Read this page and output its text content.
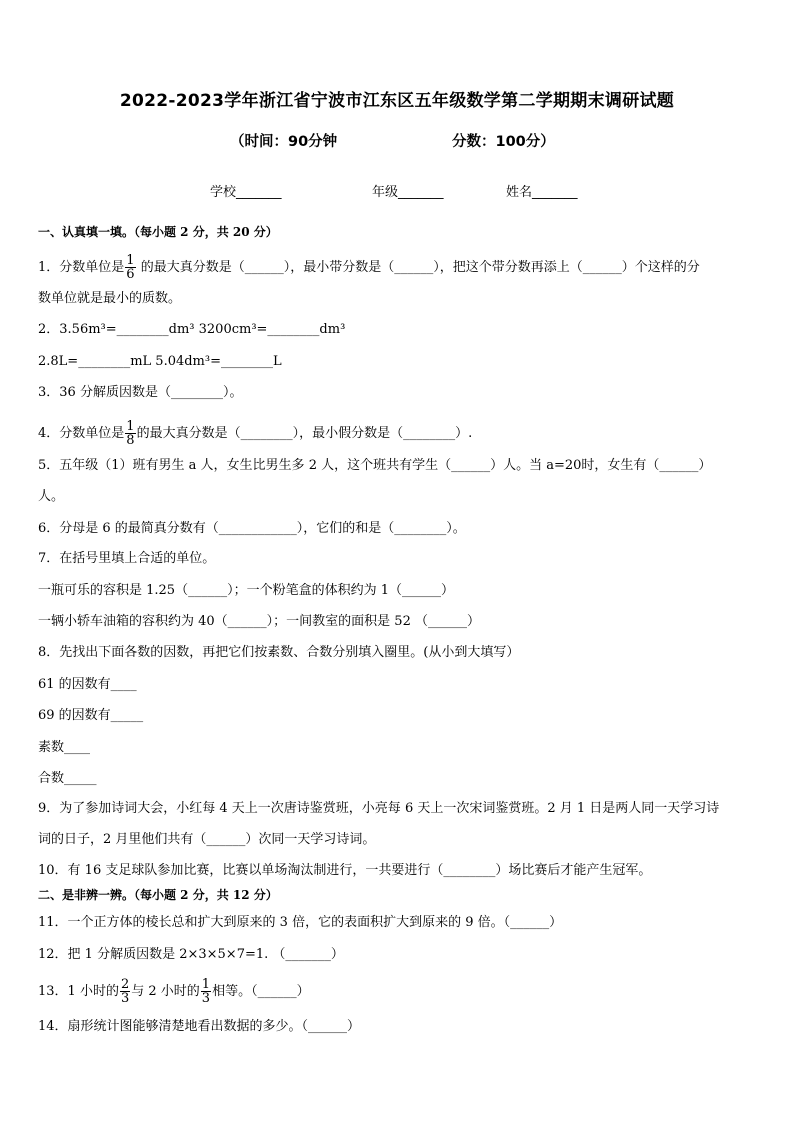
2022-2023学年浙江省宁波市江东区五年级数学第二学期期末调研试题
（时间：90分钟	分数：100分）
学校_______	年级_______	姓名_______
一、认真填一填。（每小题 2 分，共 20 分）
1．分数单位是 $\frac{1}{6}$ 的最大真分数是（______），最小带分数是（______），把这个带分数再添上（______）个这样的分
数单位就是最小的质数。
2．3.56m³=________dm³ 3200cm³=________dm³
2.8L=________mL 5.04dm³=________L
3．36 分解质因数是（________）。
4．分数单位是 $\frac{1}{8}$ 的最大真分数是（________），最小假分数是（________）.
5．五年级（1）班有男生 a 人，女生比男生多 2 人，这个班共有学生（______）人。当 a=20时，女生有（______）
人。
6．分母是 6 的最简真分数有（____________），它们的和是（________）。
7．在括号里填上合适的单位。
一瓶可乐的容积是 1.25（______）；一个粉笔盒的体积约为 1（______）
一辆小轿车油箱的容积约为 40（______）；一间教室的面积是 52 （______）
8．先找出下面各数的因数，再把它们按素数、合数分别填入圈里。(从小到大填写）
61 的因数有____
69 的因数有_____
素数____
合数_____
9．为了参加诗词大会，小红每 4 天上一次唐诗鉴赏班，小亮每 6 天上一次宋词鉴赏班。2 月 1 日是两人同一天学习诗
词的日子，2 月里他们共有（______）次同一天学习诗词。
10．有 16 支足球队参加比赛，比赛以单场淘汰制进行，一共要进行（________）场比赛后才能产生冠军。
二、是非辨一辨。（每小题 2 分，共 12 分）
11．一个正方体的棱长总和扩大到原来的 3 倍，它的表面积扩大到原来的 9 倍。（______）
12．把 1 分解质因数是 2×3×5×7=1. （_______）
13．1 小时的 $\frac{2}{3}$ 与 2 小时的 $\frac{1}{3}$ 相等。（______）
14．扇形统计图能够清楚地看出数据的多少。（______）
